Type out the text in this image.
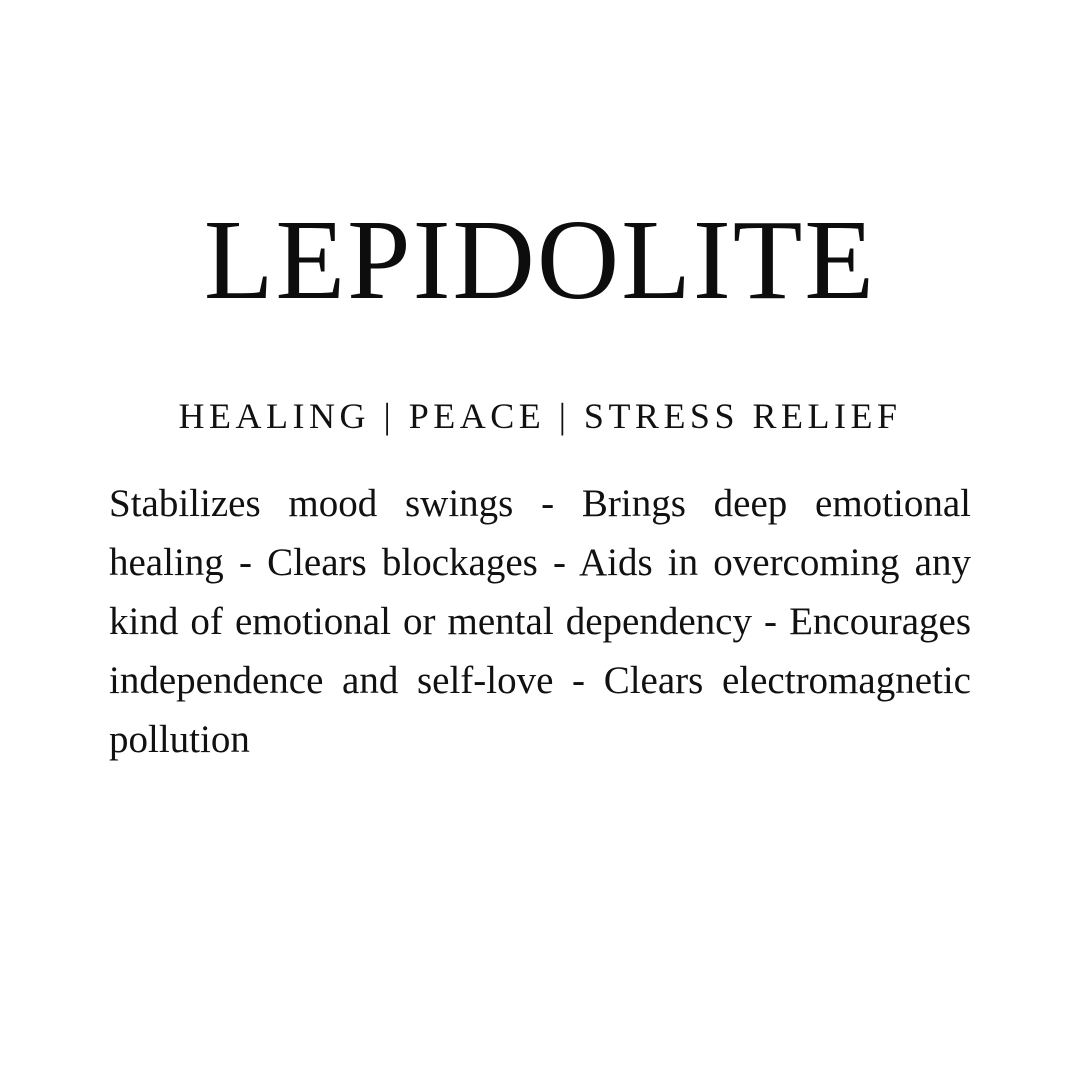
LEPIDOLITE

HEALING | PEACE | STRESS RELIEF

Stabilizes mood swings - Brings deep emotional healing - Clears blockages - Aids in overcoming any kind of emotional or mental dependency - Encourages independence and self-love - Clears electromagnetic pollution
